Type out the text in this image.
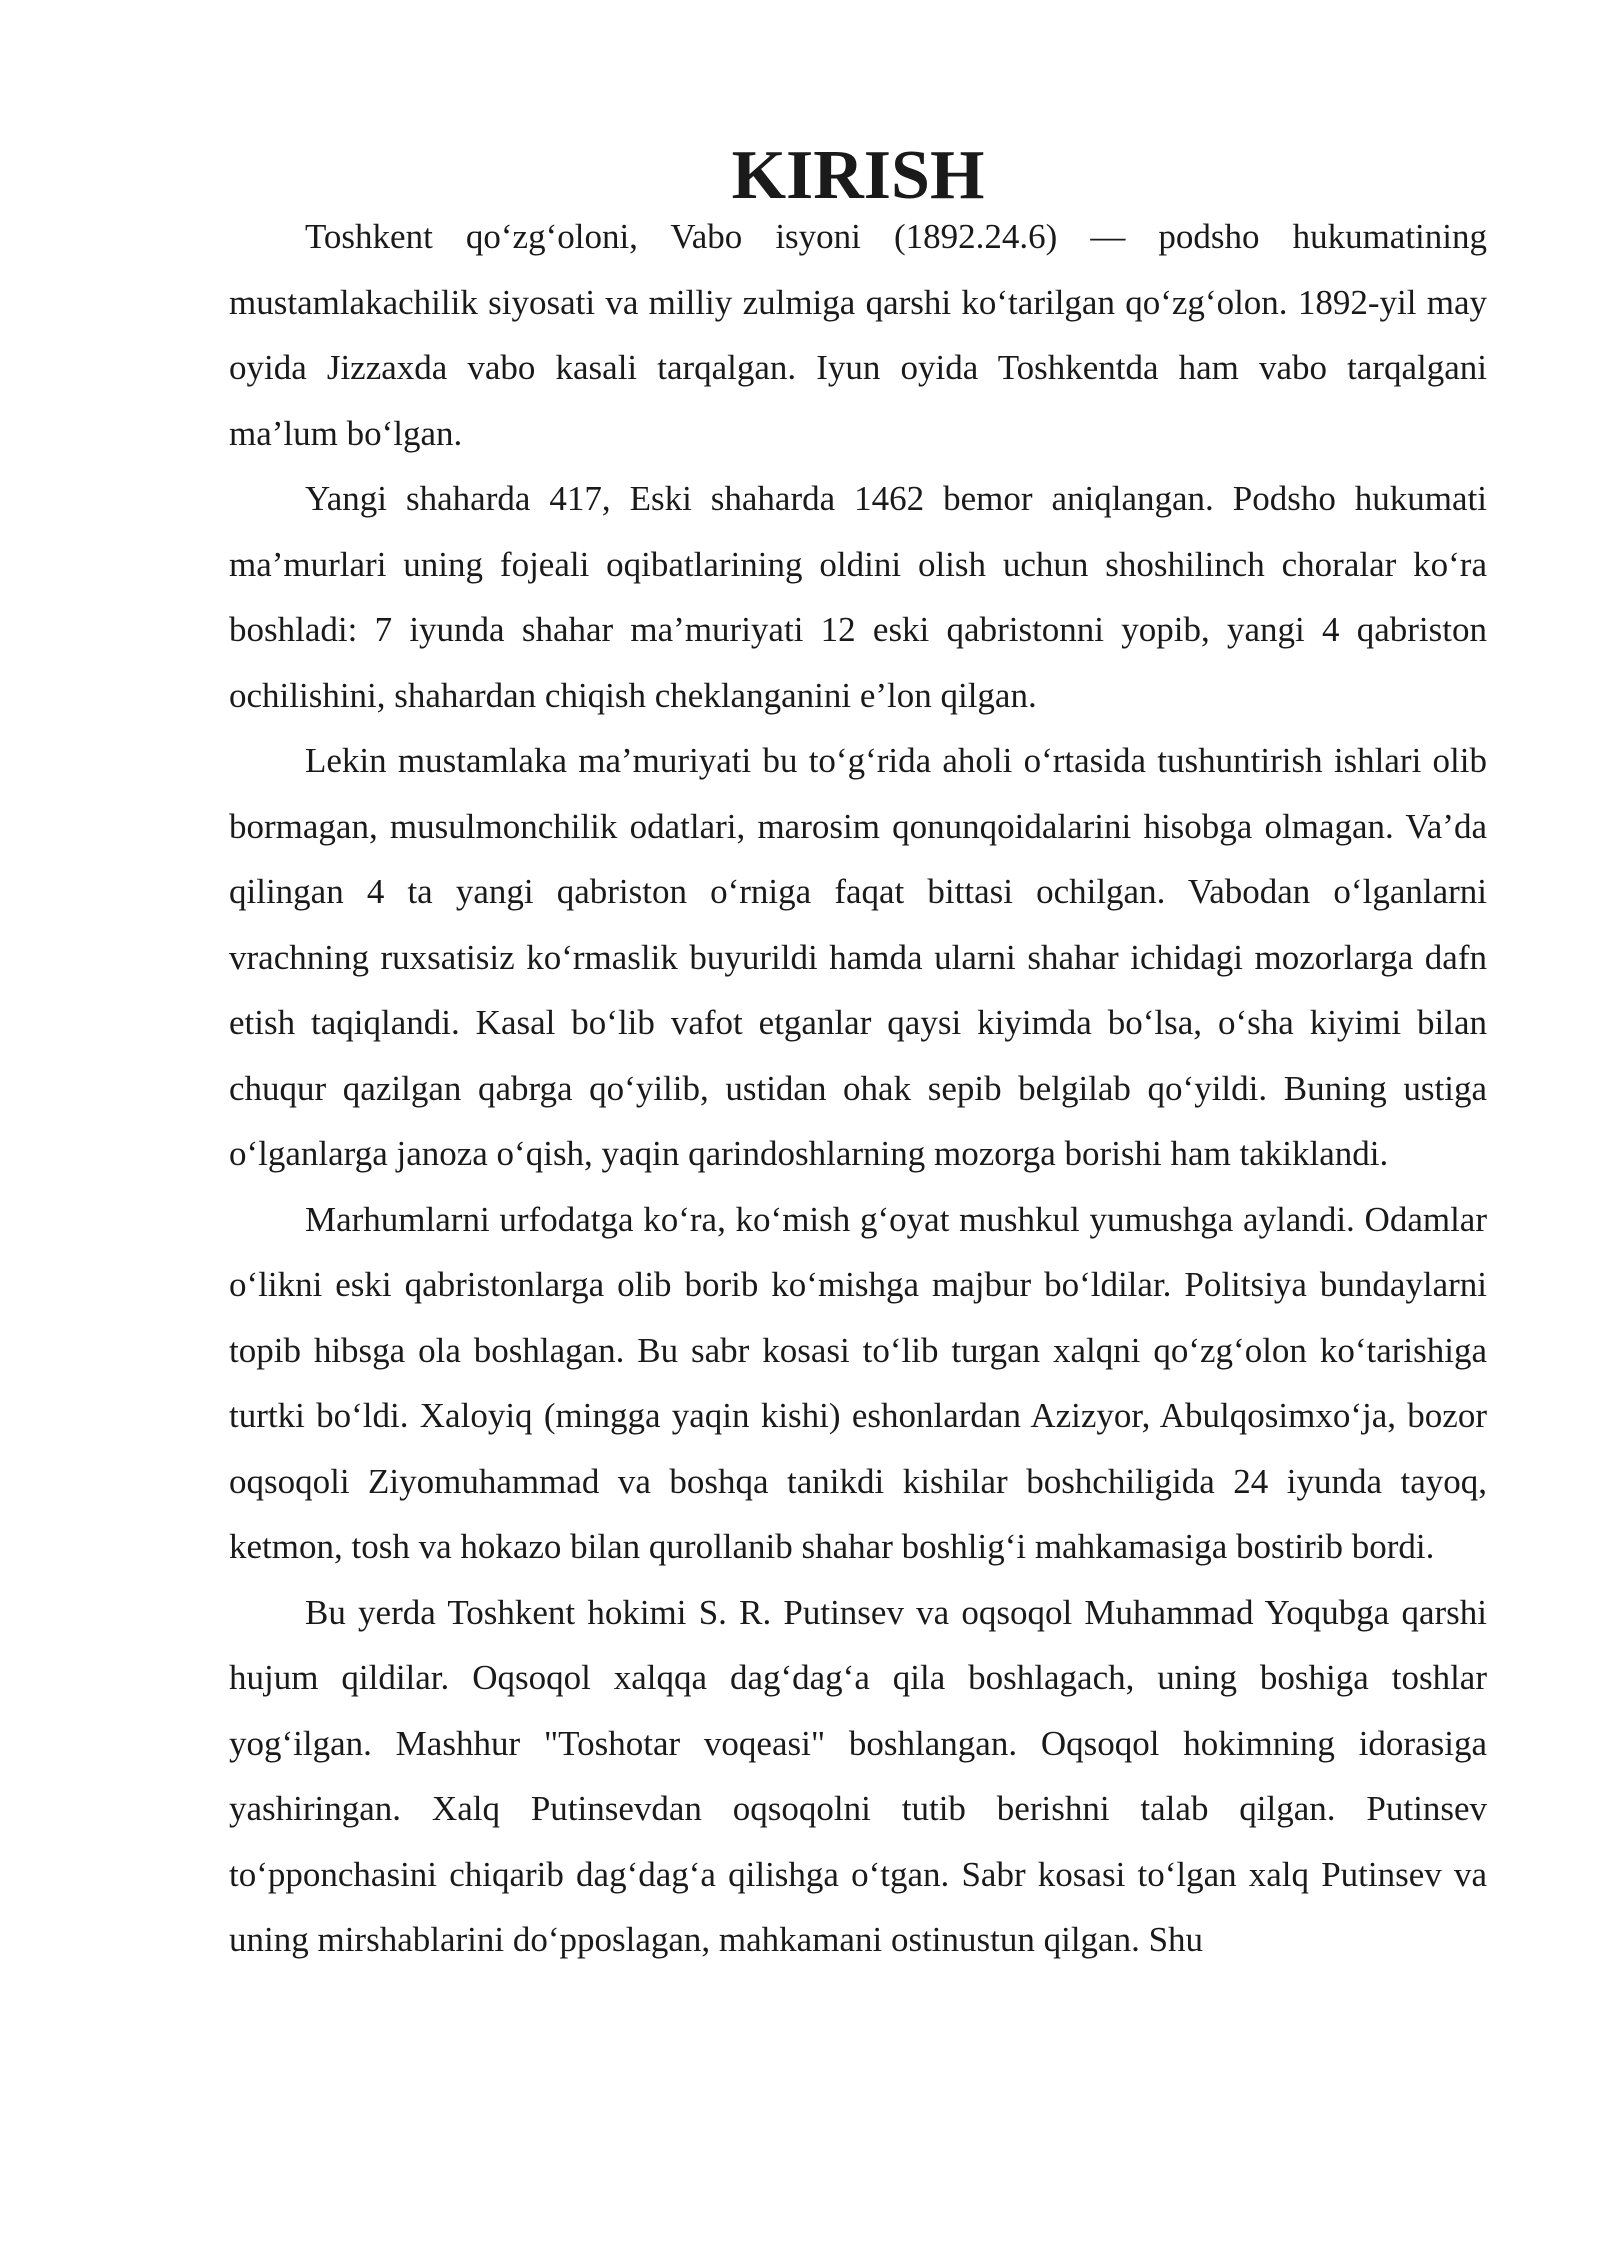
KIRISH

Toshkent qo‘zg‘oloni, Vabo isyoni (1892.24.6) — podsho hukumatining mustamlakachilik siyosati va milliy zulmiga qarshi ko‘tarilgan qo‘zg‘olon. 1892-yil may oyida Jizzaxda vabo kasali tarqalgan. Iyun oyida Toshkentda ham vabo tarqalgani ma’lum bo‘lgan.

Yangi shaharda 417, Eski shaharda 1462 bemor aniqlangan. Podsho hukumati ma’murlari uning fojeali oqibatlarining oldini olish uchun shoshilinch choralar ko‘ra boshladi: 7 iyunda shahar ma’muriyati 12 eski qabristonni yopib, yangi 4 qabriston ochilishini, shahardan chiqish cheklanganini e’lon qilgan.

Lekin mustamlaka ma’muriyati bu to‘g‘rida aholi o‘rtasida tushuntirish ishlari olib bormagan, musulmonchilik odatlari, marosim qonunqoidalarini hisobga olmagan. Va’da qilingan 4 ta yangi qabriston o‘rniga faqat bittasi ochilgan. Vabodan o‘lganlarni vrachning ruxsatisiz ko‘rmaslik buyurildi hamda ularni shahar ichidagi mozorlarga dafn etish taqiqlandi. Kasal bo‘lib vafot etganlar qaysi kiyimda bo‘lsa, o‘sha kiyimi bilan chuqur qazilgan qabrga qo‘yilib, ustidan ohak sepib belgilab qo‘yildi. Buning ustiga o‘lganlarga janoza o‘qish, yaqin qarindoshlarning mozorga borishi ham takiklandi.

Marhumlarni urfodatga ko‘ra, ko‘mish g‘oyat mushkul yumushga aylandi. Odamlar o‘likni eski qabristonlarga olib borib ko‘mishga majbur bo‘ldilar. Politsiya bundaylarni topib hibsga ola boshlagan. Bu sabr kosasi to‘lib turgan xalqni qo‘zg‘olon ko‘tarishiga turtki bo‘ldi. Xaloyiq (mingga yaqin kishi) eshonlardan Azizyor, Abulqosimxo‘ja, bozor oqsoqoli Ziyomuhammad va boshqa tanikdi kishilar boshchiligida 24 iyunda tayoq, ketmon, tosh va hokazo bilan qurollanib shahar boshlig‘i mahkamasiga bostirib bordi.

Bu yerda Toshkent hokimi S. R. Putinsev va oqsoqol Muhammad Yoqubga qarshi hujum qildilar. Oqsoqol xalqqa dag‘dag‘a qila boshlagach, uning boshiga toshlar yog‘ilgan. Mashhur "Toshotar voqeasi" boshlangan. Oqsoqol hokimning idorasiga yashiringan. Xalq Putinsevdan oqsoqolni tutib berishni talab qilgan. Putinsev to‘pponchasini chiqarib dag‘dag‘a qilishga o‘tgan. Sabr kosasi to‘lgan xalq Putinsev va uning mirshablarini do‘pposlagan, mahkamani ostinustun qilgan. Shu
